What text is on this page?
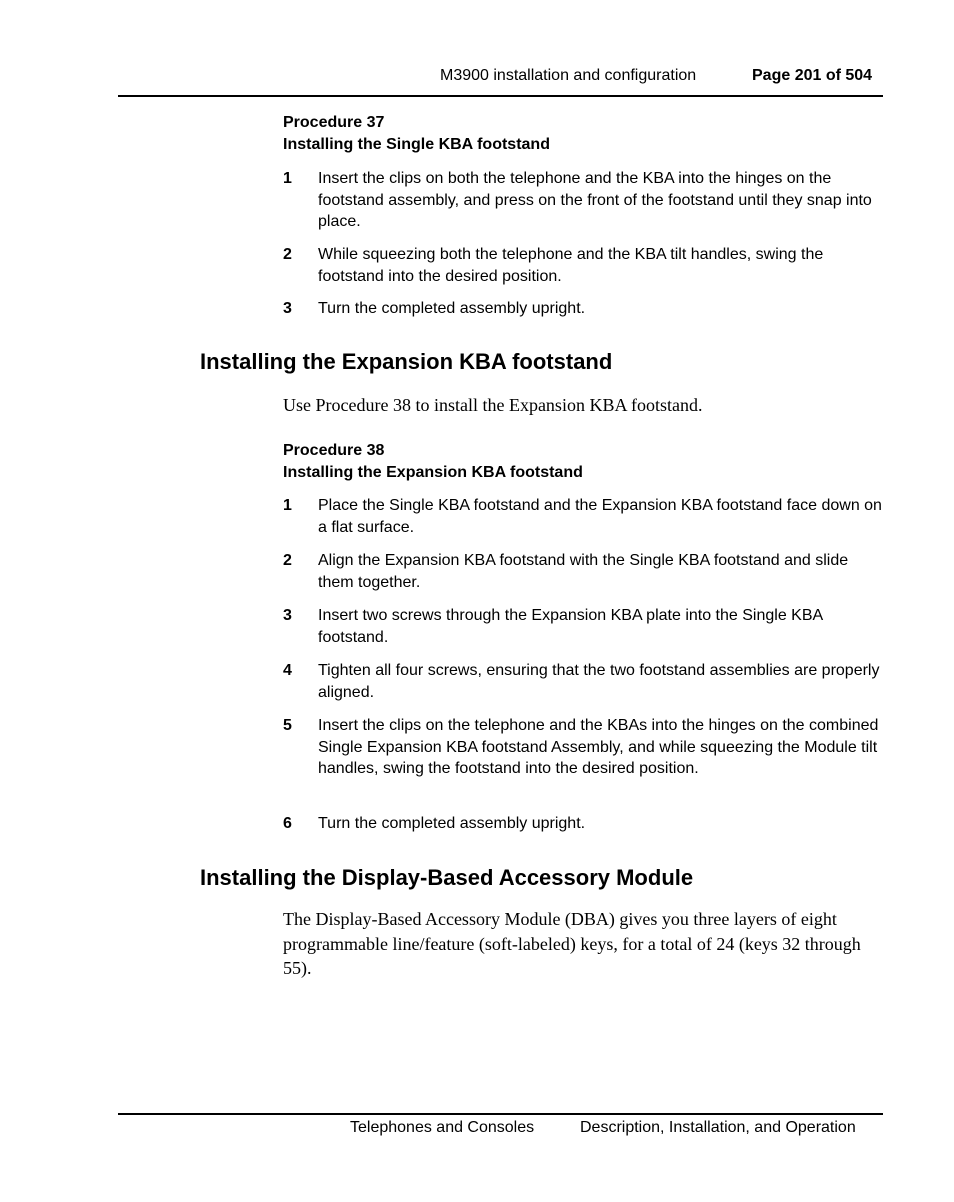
M3900 installation and configuration	Page 201 of 504
Procedure 37
Installing the Single KBA footstand
1 Insert the clips on both the telephone and the KBA into the hinges on the footstand assembly, and press on the front of the footstand until they snap into place.
2 While squeezing both the telephone and the KBA tilt handles, swing the footstand into the desired position.
3 Turn the completed assembly upright.
Installing the Expansion KBA footstand
Use Procedure 38 to install the Expansion KBA footstand.
Procedure 38
Installing the Expansion KBA footstand
1 Place the Single KBA footstand and the Expansion KBA footstand face down on a flat surface.
2 Align the Expansion KBA footstand with the Single KBA footstand and slide them together.
3 Insert two screws through the Expansion KBA plate into the Single KBA footstand.
4 Tighten all four screws, ensuring that the two footstand assemblies are properly aligned.
5 Insert the clips on the telephone and the KBAs into the hinges on the combined Single Expansion KBA footstand Assembly, and while squeezing the Module tilt handles, swing the footstand into the desired position.
6 Turn the completed assembly upright.
Installing the Display-Based Accessory Module
The Display-Based Accessory Module (DBA) gives you three layers of eight programmable line/feature (soft-labeled) keys, for a total of 24 (keys 32 through 55).
Telephones and Consoles	Description, Installation, and Operation
